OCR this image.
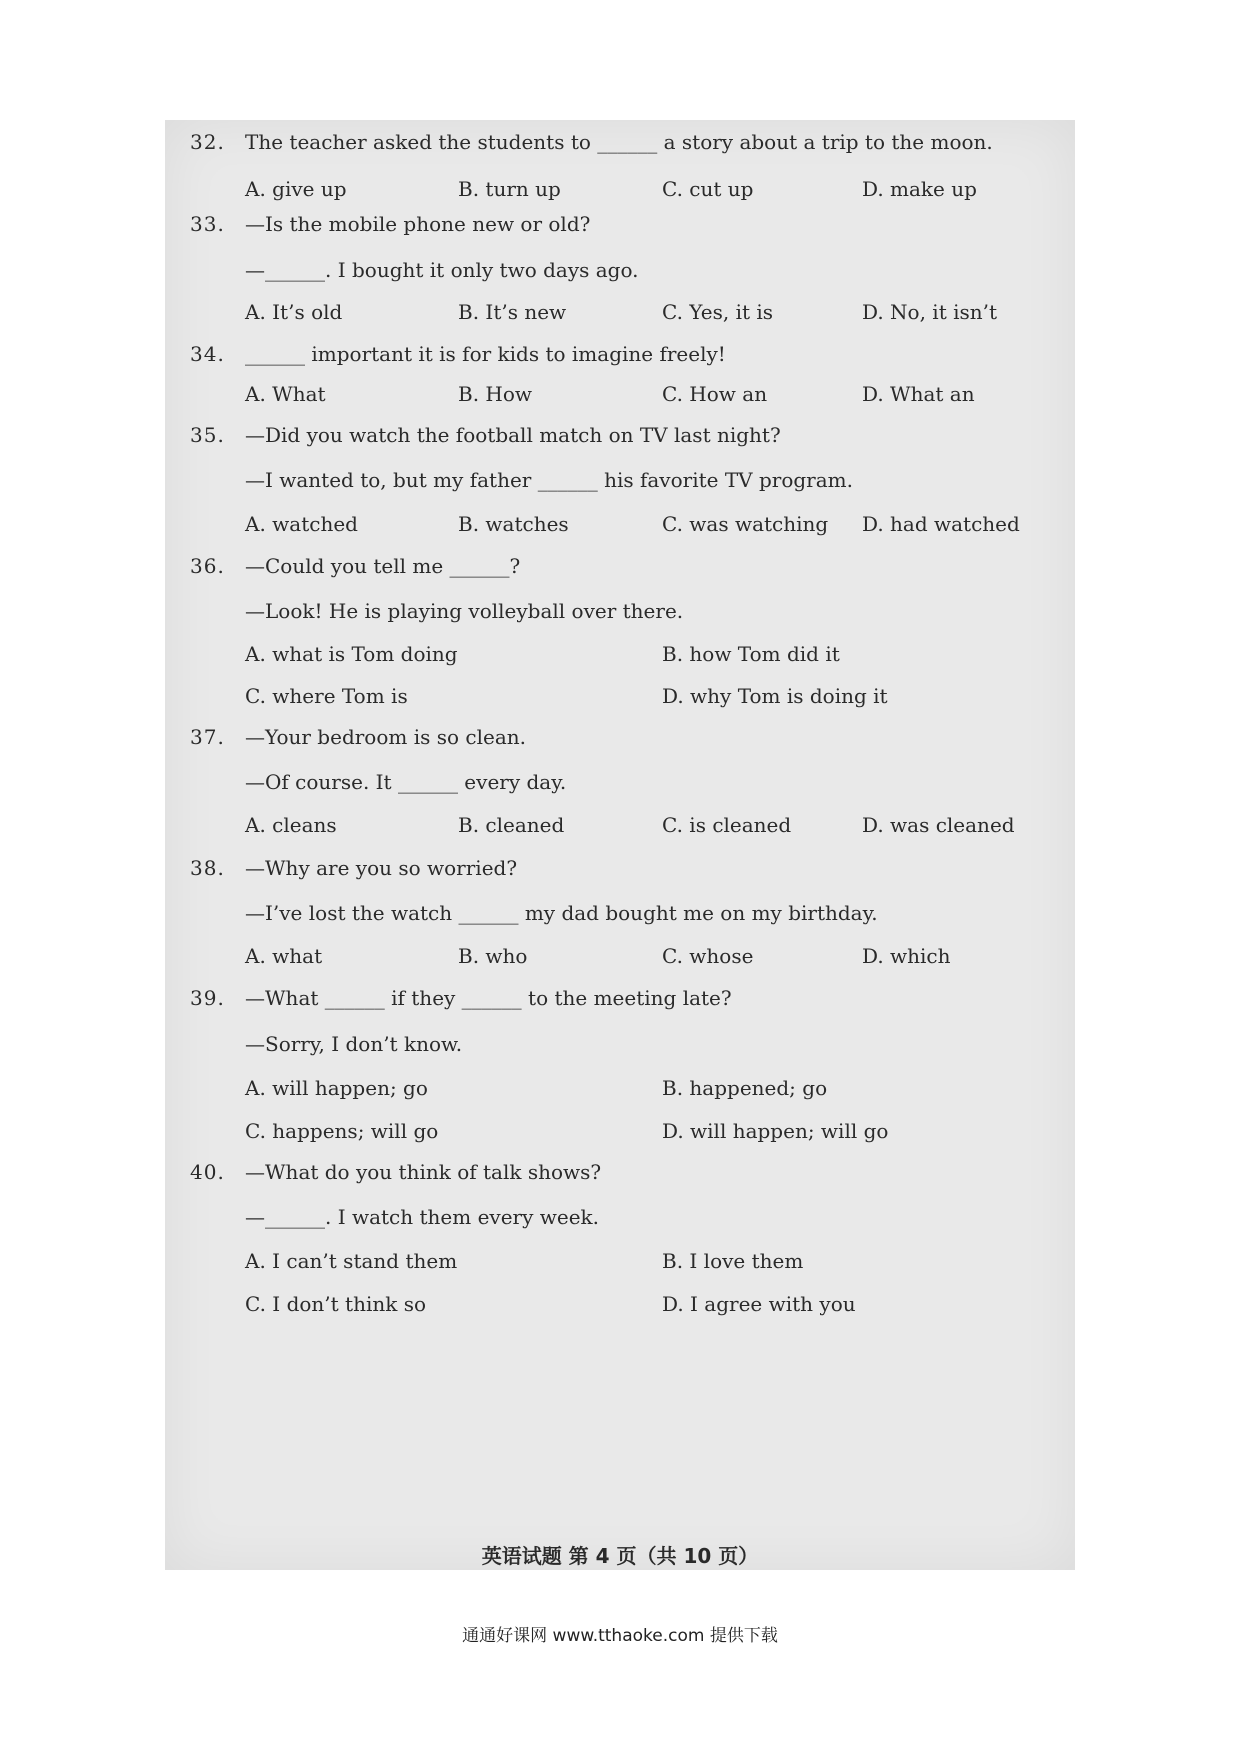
32. The teacher asked the students to ______ a story about a trip to the moon.
A. give up	B. turn up	C. cut up	D. make up
33. —Is the mobile phone new or old?
—______. I bought it only two days ago.
A. It’s old	B. It’s new	C. Yes, it is	D. No, it isn’t
34. ______ important it is for kids to imagine freely!
A. What	B. How	C. How an	D. What an
35. —Did you watch the football match on TV last night?
—I wanted to, but my father ______ his favorite TV program.
A. watched	B. watches	C. was watching D. had watched
36. —Could you tell me ______?
—Look! He is playing volleyball over there.
A. what is Tom doing	B. how Tom did it
C. where Tom is	D. why Tom is doing it
37. —Your bedroom is so clean.
—Of course. It ______ every day.
A. cleans	B. cleaned	C. is cleaned	D. was cleaned
38. —Why are you so worried?
—I’ve lost the watch ______ my dad bought me on my birthday.
A. what	B. who	C. whose	D. which
39. —What ______ if they ______ to the meeting late?
—Sorry, I don’t know.
A. will happen; go	B. happened; go
C. happens; will go	D. will happen; will go
40. —What do you think of talk shows?
—______. I watch them every week.
A. I can’t stand them	B. I love them
C. I don’t think so	D. I agree with you
英语试题 第 4 页（共 10 页）
通通好课网 www.tthaoke.com 提供下载
